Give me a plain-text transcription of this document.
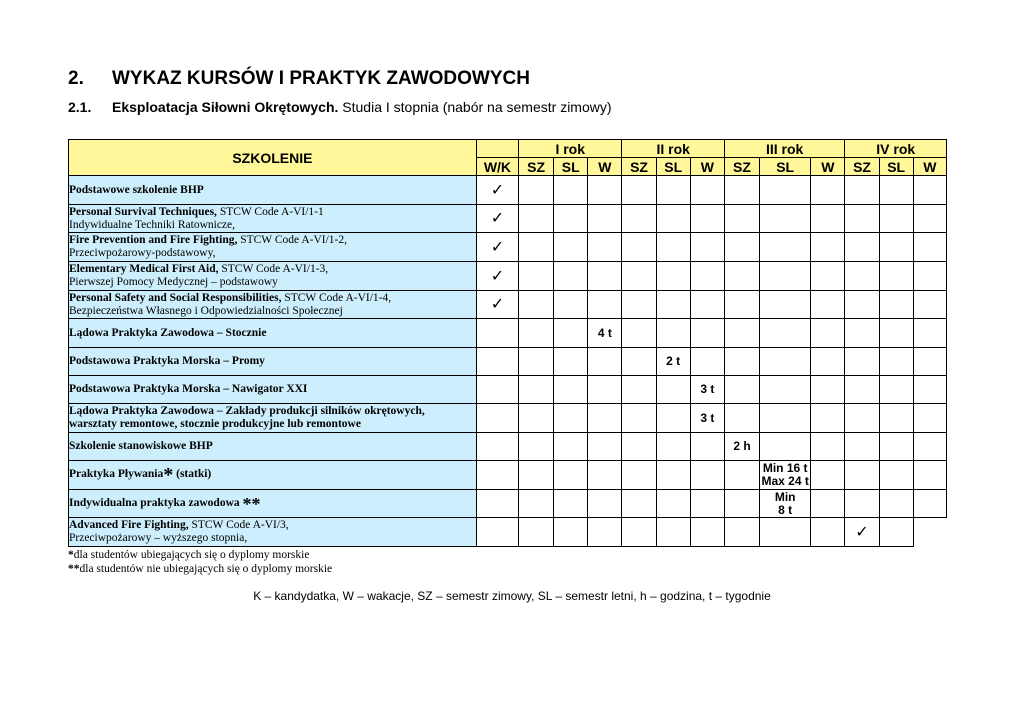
2. WYKAZ KURSÓW I PRAKTYK ZAWODOWYCH
2.1. Eksploatacja Siłowni Okrętowych. Studia I stopnia (nabór na semestr zimowy)
SZKOLENIE		I rok			II rok			III rok			IV rok		
	W/K	SZ	SL	W	SZ	SL	W	SZ	SL	W	SZ	SL	W
Podstawowe szkolenie BHP	✓												
Personal Survival Techniques, STCW Code A-VI/1-1
Indywidualne Techniki Ratownicze,	✓												
Fire Prevention and Fire Fighting, STCW Code A-VI/1-2,
Przeciwpożarowy-podstawowy,	✓												
Elementary Medical First Aid, STCW Code A-VI/1-3,
Pierwszej Pomocy Medycznej – podstawowy	✓												
Personal Safety and Social Responsibilities, STCW Code A-VI/1-4,
Bezpieczeństwa Własnego i Odpowiedzialności Społecznej	✓												
Lądowa Praktyka Zawodowa – Stocznie				4 t									
Podstawowa Praktyka Morska – Promy						2 t							
Podstawowa Praktyka Morska – Nawigator XXI							3 t						
Lądowa Praktyka Zawodowa – Zakłady produkcji silników okrętowych,
warsztaty remontowe, stocznie produkcyjne lub remontowe							3 t						
Szkolenie stanowiskowe BHP								2 h					
Praktyka Pływania* (statki)									Min 16 t
Max 24 t				
Indywidualna praktyka zawodowa **									Min
8 t				
Advanced Fire Fighting, STCW Code A-VI/3,
Przeciwpożarowy – wyższego stopnia,											✓		
*dla studentów ubiegających się o dyplomy morskie
**dla studentów nie ubiegających się o dyplomy morskie
K – kandydatka, W – wakacje, SZ – semestr zimowy, SL – semestr letni, h – godzina, t – tygodnie
